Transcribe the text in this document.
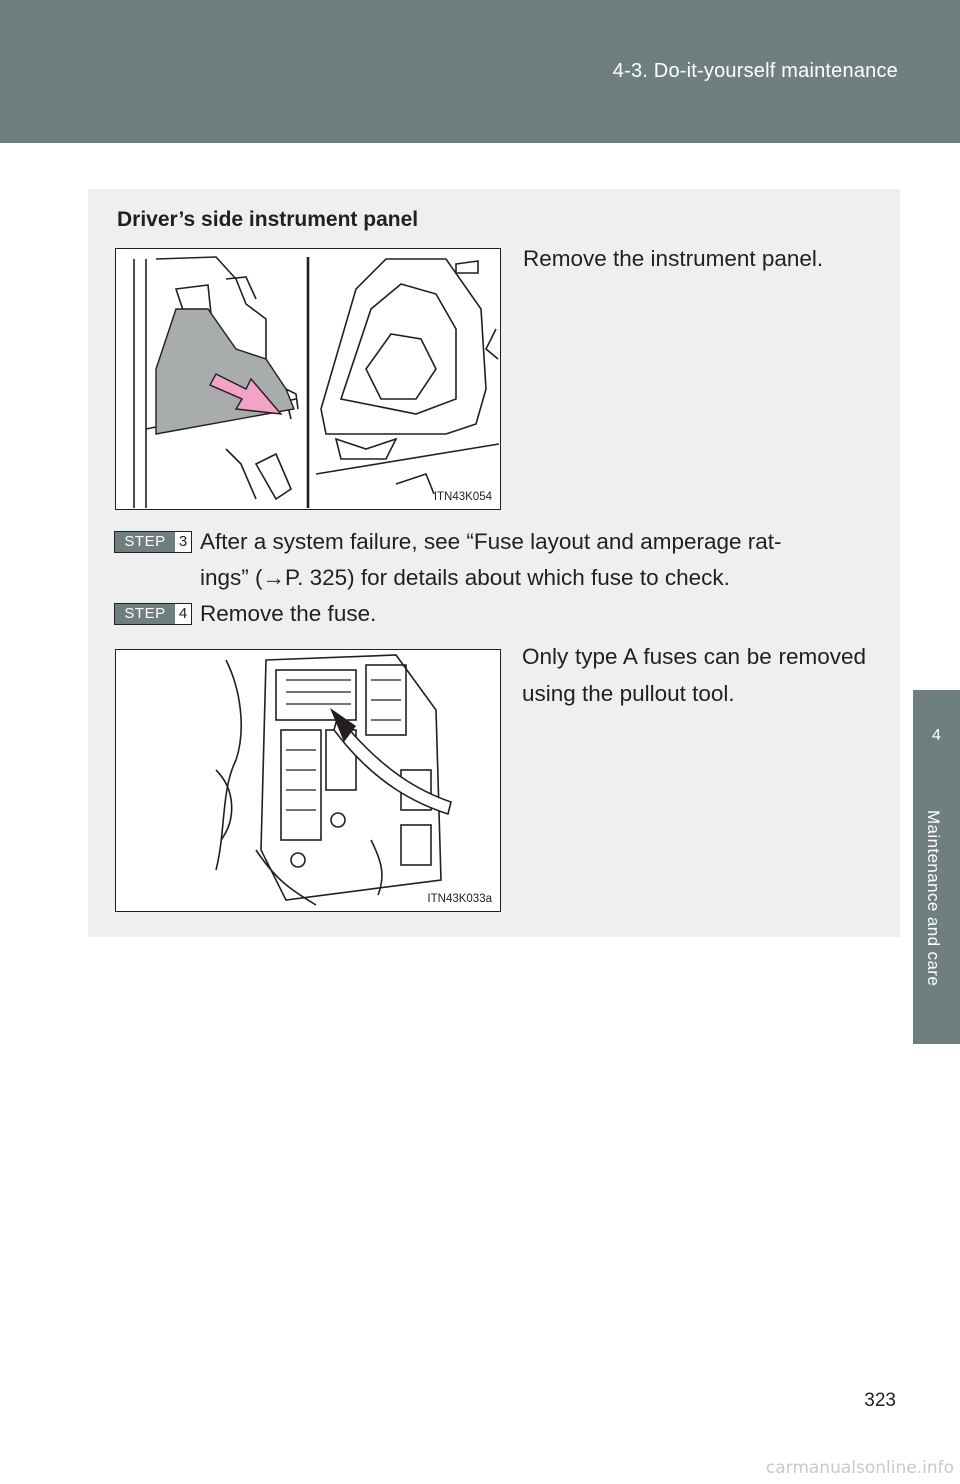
4-3. Do-it-yourself maintenance
4
Maintenance and care
Driver’s side instrument panel
ITN43K054
Remove the instrument panel.
STEP 3 After a system failure, see “Fuse layout and amperage rat-
ings” (→P. 325) for details about which fuse to check.
STEP 4 Remove the fuse.
ITN43K033a
Only type A fuses can be removed using the pullout tool.
323
carmanualsonline.info
